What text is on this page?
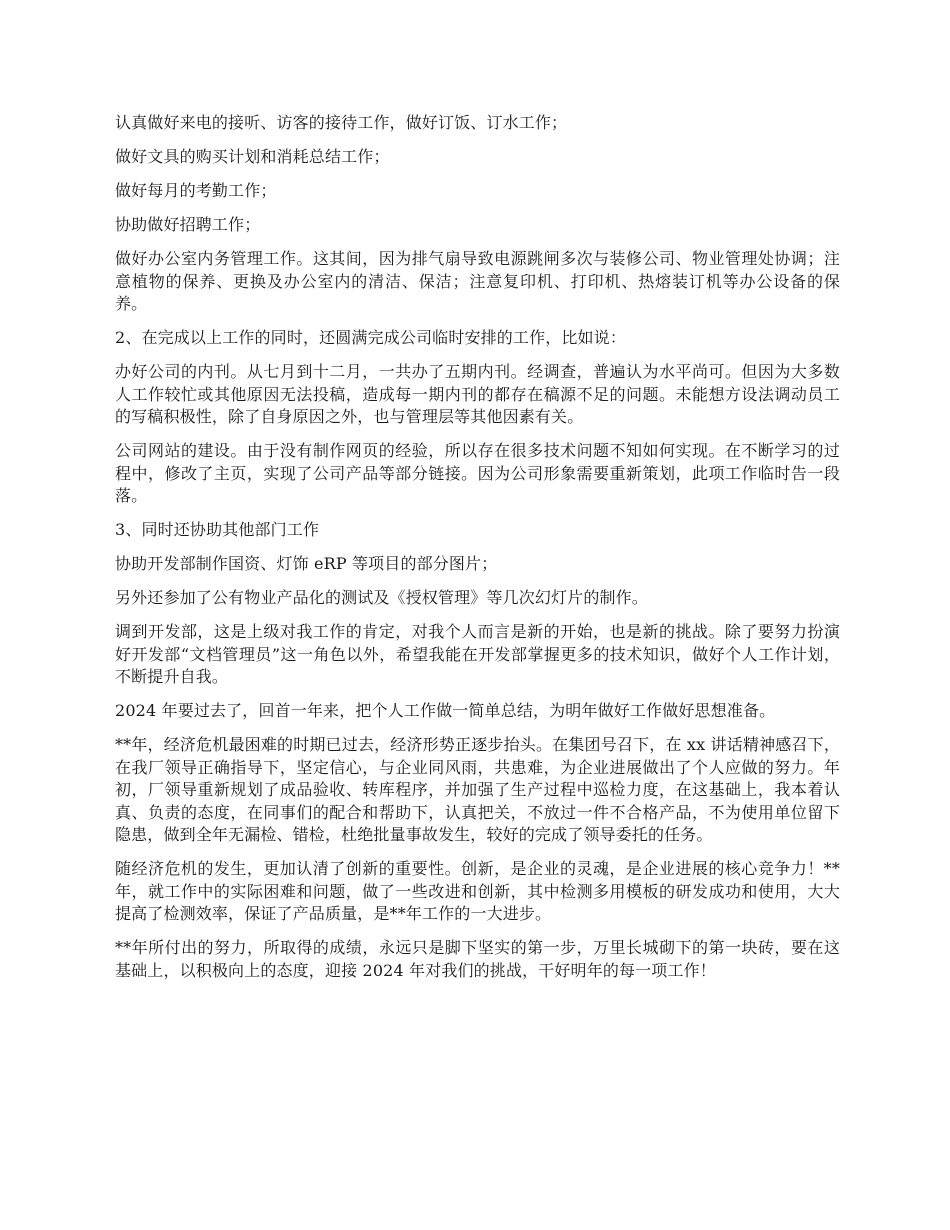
认真做好来电的接听、访客的接待工作，做好订饭、订水工作；

做好文具的购买计划和消耗总结工作；

做好每月的考勤工作；

协助做好招聘工作；

做好办公室内务管理工作。这其间，因为排气扇导致电源跳闸多次与装修公司、物业管理处协调；注意植物的保养、更换及办公室内的清洁、保洁；注意复印机、打印机、热熔装订机等办公设备的保养。

2、在完成以上工作的同时，还圆满完成公司临时安排的工作，比如说：

办好公司的内刊。从七月到十二月，一共办了五期内刊。经调查，普遍认为水平尚可。但因为大多数人工作较忙或其他原因无法投稿，造成每一期内刊的都存在稿源不足的问题。未能想方设法调动员工的写稿积极性，除了自身原因之外，也与管理层等其他因素有关。

公司网站的建设。由于没有制作网页的经验，所以存在很多技术问题不知如何实现。在不断学习的过程中，修改了主页，实现了公司产品等部分链接。因为公司形象需要重新策划，此项工作临时告一段落。

3、同时还协助其他部门工作

协助开发部制作国资、灯饰 eRP 等项目的部分图片；

另外还参加了公有物业产品化的测试及《授权管理》等几次幻灯片的制作。

调到开发部，这是上级对我工作的肯定，对我个人而言是新的开始，也是新的挑战。除了要努力扮演好开发部“文档管理员”这一角色以外，希望我能在开发部掌握更多的技术知识，做好个人工作计划，不断提升自我。

2024 年要过去了，回首一年来，把个人工作做一简单总结，为明年做好工作做好思想准备。

**年，经济危机最困难的时期已过去，经济形势正逐步抬头。在集团号召下，在 xx 讲话精神感召下，在我厂领导正确指导下，坚定信心，与企业同风雨，共患难，为企业进展做出了个人应做的努力。年初，厂领导重新规划了成品验收、转库程序，并加强了生产过程中巡检力度，在这基础上，我本着认真、负责的态度，在同事们的配合和帮助下，认真把关，不放过一件不合格产品，不为使用单位留下隐患，做到全年无漏检、错检，杜绝批量事故发生，较好的完成了领导委托的任务。

随经济危机的发生，更加认清了创新的重要性。创新，是企业的灵魂，是企业进展的核心竞争力！**年，就工作中的实际困难和问题，做了一些改进和创新，其中检测多用模板的研发成功和使用，大大提高了检测效率，保证了产品质量，是**年工作的一大进步。

**年所付出的努力，所取得的成绩，永远只是脚下坚实的第一步，万里长城砌下的第一块砖，要在这基础上，以积极向上的态度，迎接 2024 年对我们的挑战，干好明年的每一项工作！
